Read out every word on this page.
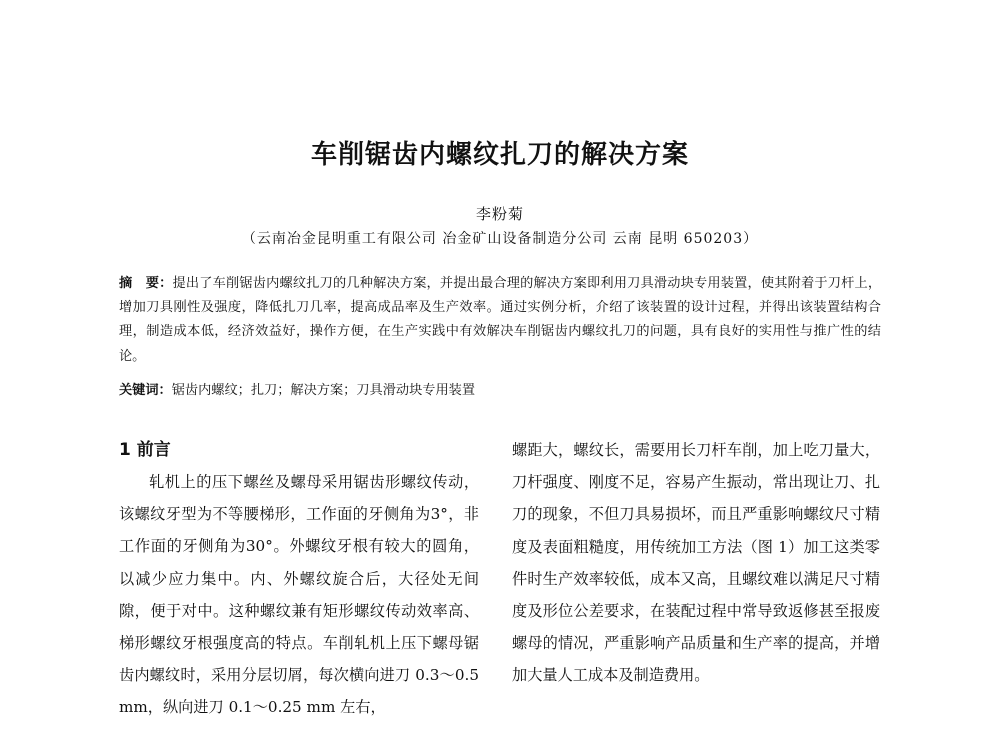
车削锯齿内螺纹扎刀的解决方案
李粉菊
（云南冶金昆明重工有限公司 冶金矿山设备制造分公司 云南 昆明 650203）
摘　要：提出了车削锯齿内螺纹扎刀的几种解决方案，并提出最合理的解决方案即利用刀具滑动块专用装置，使其附着于刀杆上，增加刀具刚性及强度，降低扎刀几率，提高成品率及生产效率。通过实例分析，介绍了该装置的设计过程，并得出该装置结构合理，制造成本低，经济效益好，操作方便，在生产实践中有效解决车削锯齿内螺纹扎刀的问题，具有良好的实用性与推广性的结论。
关键词：锯齿内螺纹；扎刀；解决方案；刀具滑动块专用装置

1 前言

轧机上的压下螺丝及螺母采用锯齿形螺纹传动，该螺纹牙型为不等腰梯形，工作面的牙侧角为3°，非工作面的牙侧角为30°。外螺纹牙根有较大的圆角，以减少应力集中。内、外螺纹旋合后，大径处无间隙，便于对中。这种螺纹兼有矩形螺纹传动效率高、梯形螺纹牙根强度高的特点。车削轧机上压下螺母锯齿内螺纹时，采用分层切屑，每次横向进刀 0.3～0.5 mm，纵向进刀 0.1～0.25 mm 左右，

螺距大，螺纹长，需要用长刀杆车削，加上吃刀量大，刀杆强度、刚度不足，容易产生振动，常出现让刀、扎刀的现象，不但刀具易损坏，而且严重影响螺纹尺寸精度及表面粗糙度，用传统加工方法（图 1）加工这类零件时生产效率较低，成本又高，且螺纹难以满足尺寸精度及形位公差要求，在装配过程中常导致返修甚至报废螺母的情况，严重影响产品质量和生产率的提高，并增加大量人工成本及制造费用。
